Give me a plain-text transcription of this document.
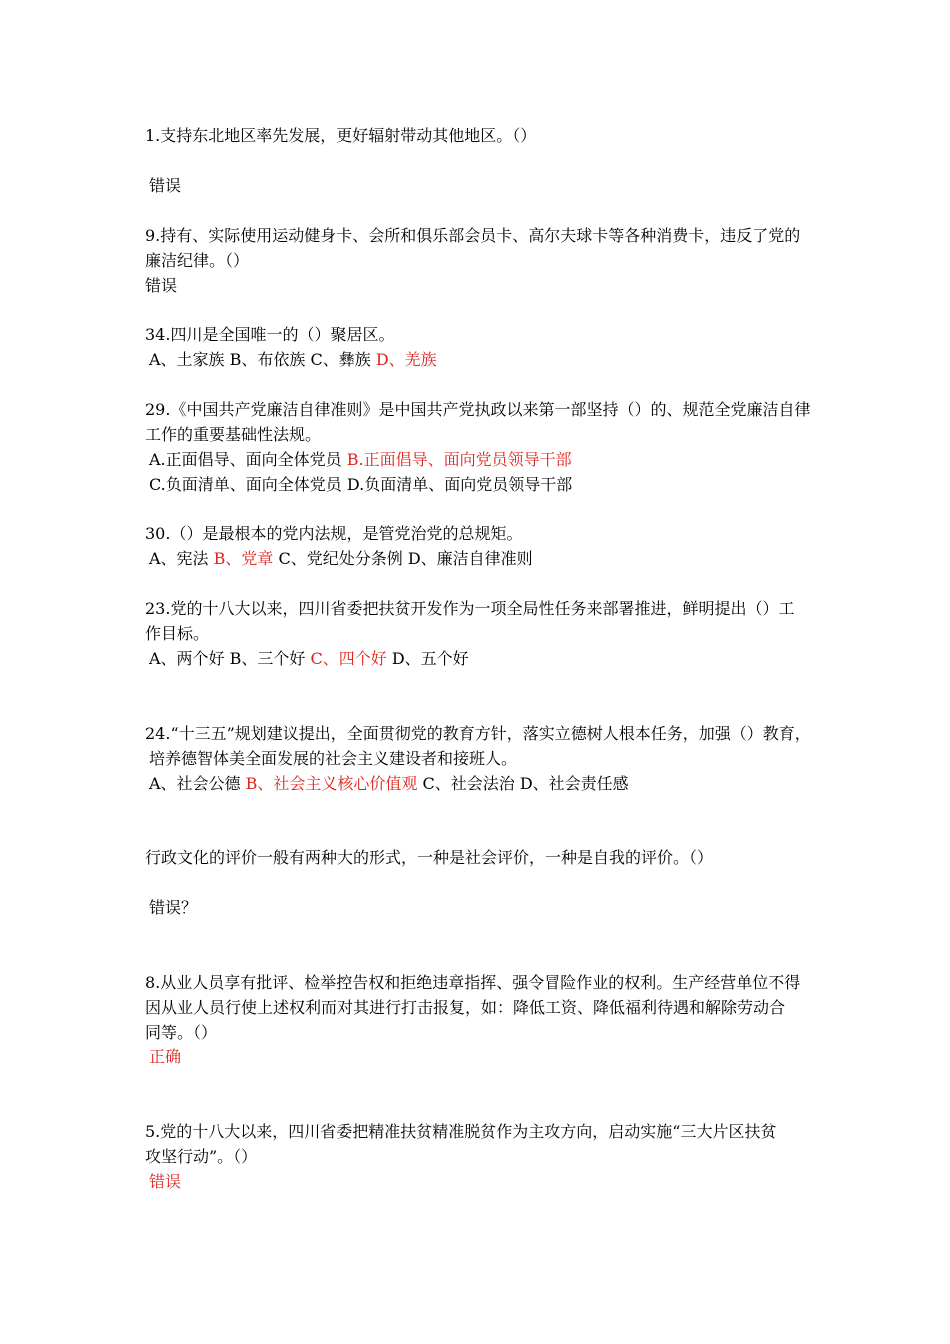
1.支持东北地区率先发展，更好辐射带动其他地区。（）
错误
9.持有、实际使用运动健身卡、会所和俱乐部会员卡、高尔夫球卡等各种消费卡，违反了党的
廉洁纪律。（）
错误
34.四川是全国唯一的（）聚居区。
A、土家族 B、布依族 C、彝族 D、羌族
29.《中国共产党廉洁自律准则》是中国共产党执政以来第一部坚持（）的、规范全党廉洁自律
工作的重要基础性法规。
A.正面倡导、面向全体党员 B.正面倡导、面向党员领导干部
C.负面清单、面向全体党员 D.负面清单、面向党员领导干部
30.（）是最根本的党内法规，是管党治党的总规矩。
A、宪法 B、党章 C、党纪处分条例 D、廉洁自律准则
23.党的十八大以来，四川省委把扶贫开发作为一项全局性任务来部署推进，鲜明提出（）工
作目标。
A、两个好 B、三个好 C、四个好 D、五个好
24.“十三五”规划建议提出，全面贯彻党的教育方针，落实立德树人根本任务，加强（）教育，
培养德智体美全面发展的社会主义建设者和接班人。
A、社会公德 B、社会主义核心价值观 C、社会法治 D、社会责任感
行政文化的评价一般有两种大的形式，一种是社会评价，一种是自我的评价。（）
错误？
8.从业人员享有批评、检举控告权和拒绝违章指挥、强令冒险作业的权利。生产经营单位不得
因从业人员行使上述权利而对其进行打击报复，如：降低工资、降低福利待遇和解除劳动合
同等。（）
正确
5.党的十八大以来，四川省委把精准扶贫精准脱贫作为主攻方向，启动实施“三大片区扶贫
攻坚行动”。（）
错误
